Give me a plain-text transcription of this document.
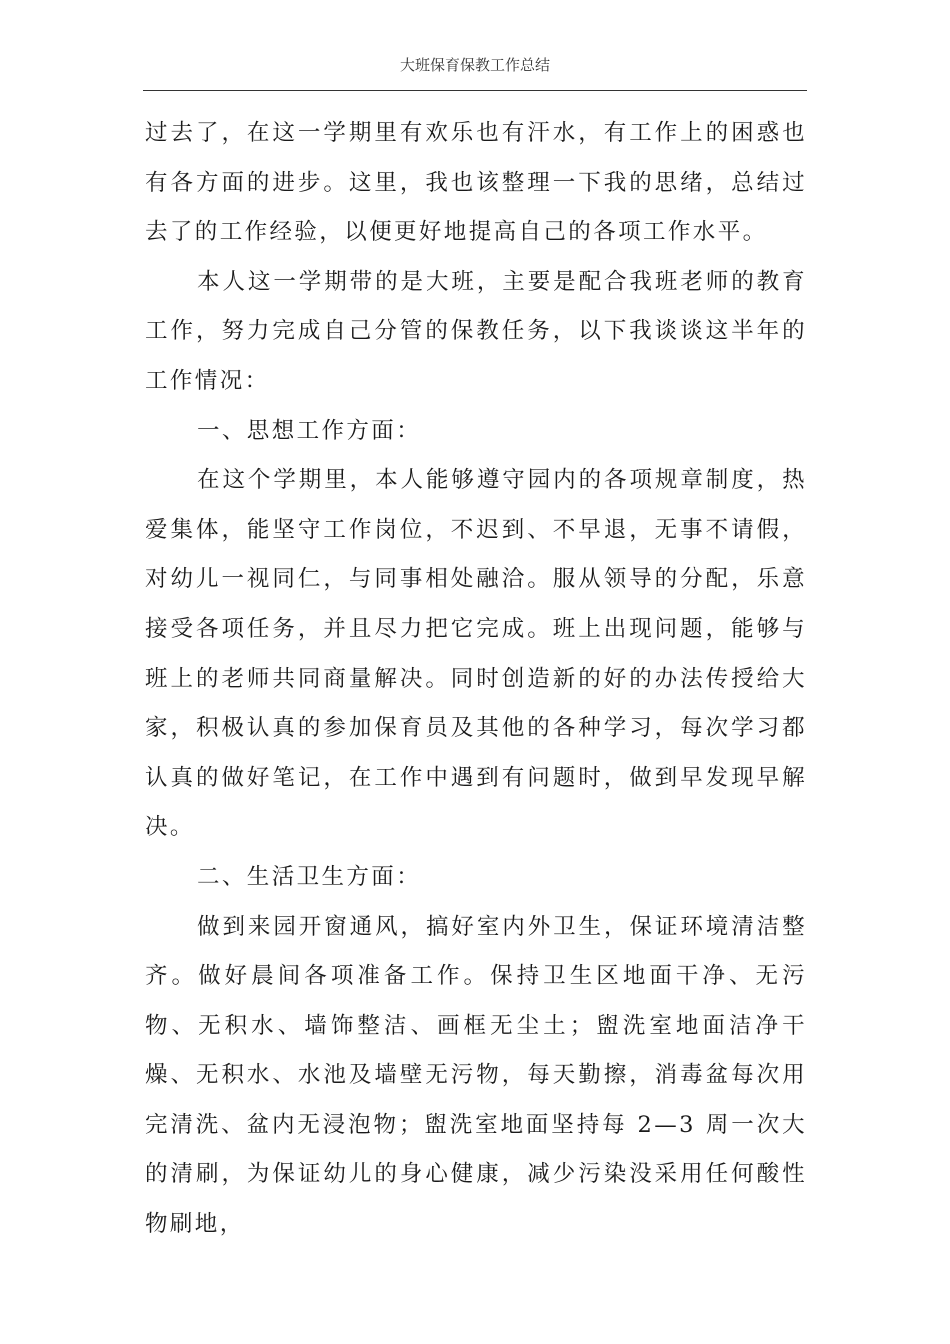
大班保育保教工作总结

过去了，在这一学期里有欢乐也有汗水，有工作上的困惑也有各方面的进步。这里，我也该整理一下我的思绪，总结过去了的工作经验，以便更好地提高自己的各项工作水平。

本人这一学期带的是大班，主要是配合我班老师的教育工作，努力完成自己分管的保教任务，以下我谈谈这半年的工作情况：

一、思想工作方面：

在这个学期里，本人能够遵守园内的各项规章制度，热爱集体，能坚守工作岗位，不迟到、不早退，无事不请假，对幼儿一视同仁，与同事相处融洽。服从领导的分配，乐意接受各项任务，并且尽力把它完成。班上出现问题，能够与班上的老师共同商量解决。同时创造新的好的办法传授给大家，积极认真的参加保育员及其他的各种学习，每次学习都认真的做好笔记，在工作中遇到有问题时，做到早发现早解决。

二、生活卫生方面：

做到来园开窗通风，搞好室内外卫生，保证环境清洁整齐。做好晨间各项准备工作。保持卫生区地面干净、无污物、无积水、墙饰整洁、画框无尘土；盥洗室地面洁净干燥、无积水、水池及墙壁无污物，每天勤擦，消毒盆每次用完清洗、盆内无浸泡物；盥洗室地面坚持每 2—3 周一次大的清刷，为保证幼儿的身心健康，减少污染没采用任何酸性物刷地，
